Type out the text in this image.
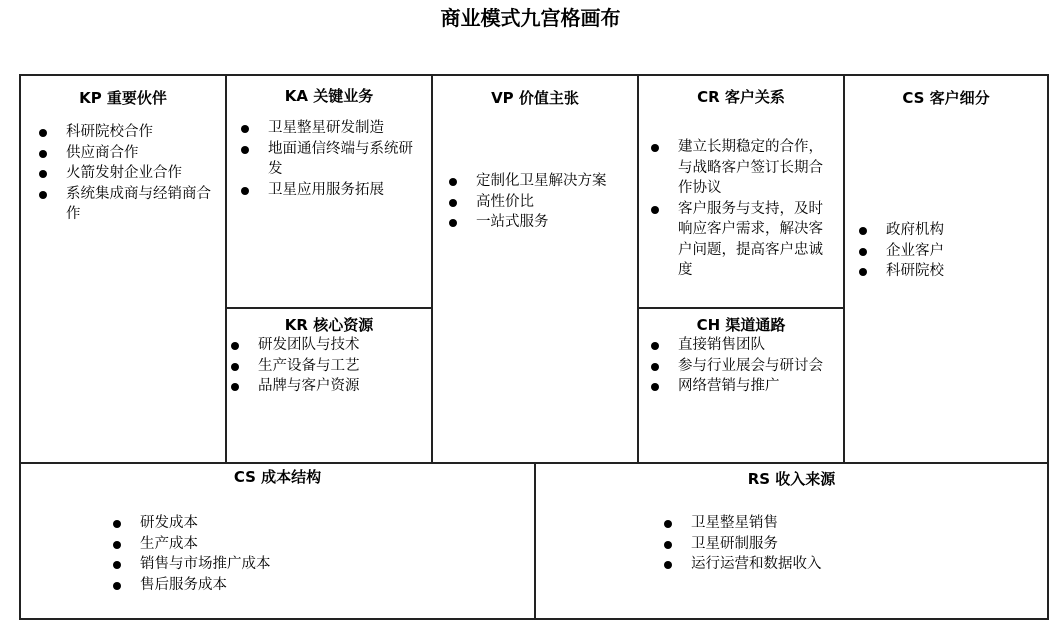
商业模式九宫格画布
KP 重要伙伴
科研院校合作
供应商合作
火箭发射企业合作
系统集成商与经销商合作
KA 关键业务
卫星整星研发制造
地面通信终端与系统研发
卫星应用服务拓展
KR 核心资源
研发团队与技术
生产设备与工艺
品牌与客户资源
VP 价值主张
定制化卫星解决方案
高性价比
一站式服务
CR 客户关系
建立长期稳定的合作，与战略客户签订长期合作协议
客户服务与支持，及时响应客户需求，解决客户问题，提高客户忠诚度
CH 渠道通路
直接销售团队
参与行业展会与研讨会
网络营销与推广
CS 客户细分
政府机构
企业客户
科研院校
CS 成本结构
研发成本
生产成本
销售与市场推广成本
售后服务成本
RS 收入来源
卫星整星销售
卫星研制服务
运行运营和数据收入
